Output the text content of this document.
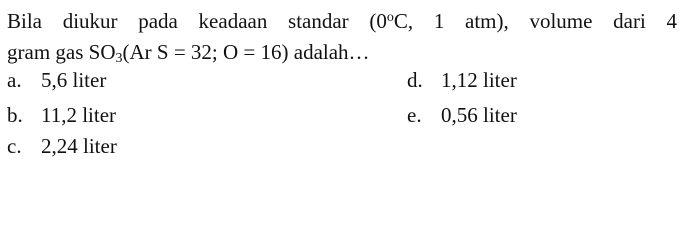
Bila diukur pada keadaan standar (0$^o$C, 1 atm), volume dari 4
gram gas $SO_3(Ar$ S = 32; O = 16) adalah…
a. 5,6 liter
b. 11,2 liter
c. 2,24 liter
d. 1,12 liter
e. 0,56 liter
